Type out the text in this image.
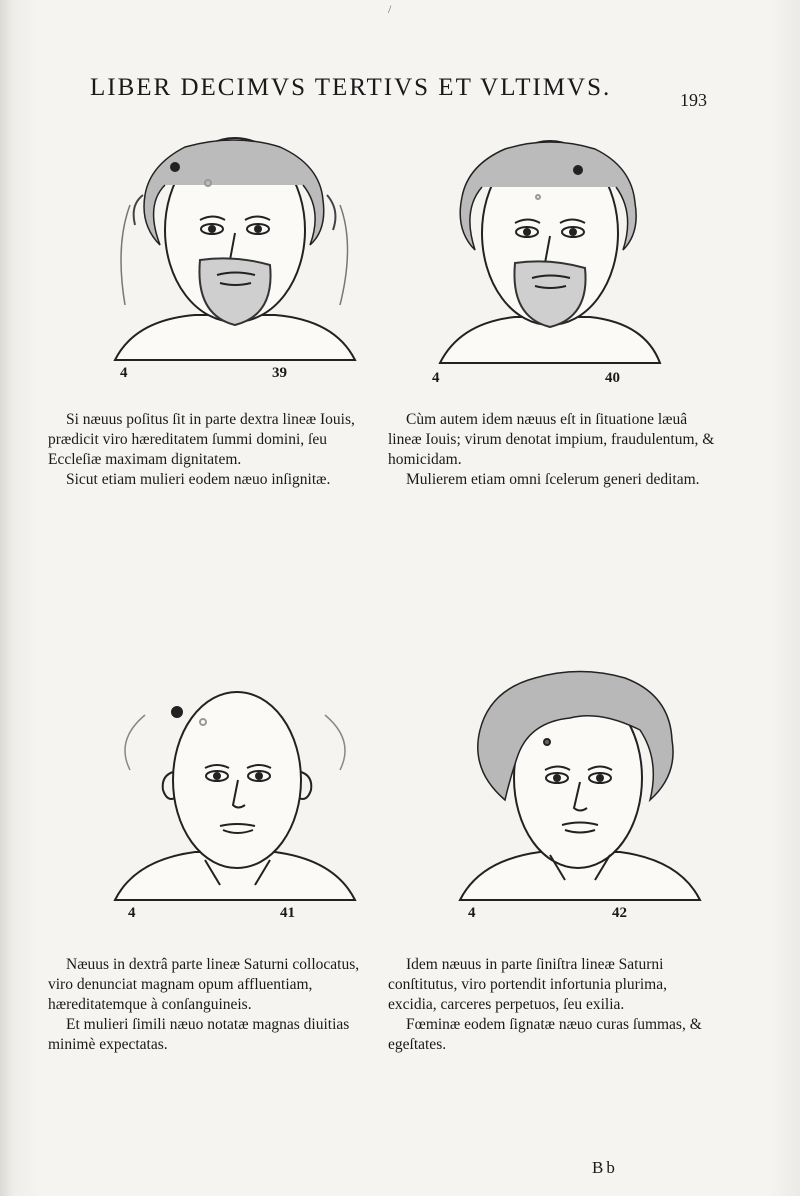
/
LIBER DECIMVS TERTIVS ET VLTIMVS.	193
4	39	4	40

Si næuus poſitus ſit in parte dextra lineæ Iouis, prædicit viro hæreditatem ſummi domini, ſeu Eccleſiæ maximam dignitatem.

Sicut etiam mulieri eodem næuo inſignitæ.

Cùm autem idem næuus eſt in ſituatione læuâ lineæ Iouis; virum denotat impium, fraudulentum, & homicidam.

Mulierem etiam omni ſcelerum generi deditam.

4	41	4	42

Næuus in dextrâ parte lineæ Saturni collocatus, viro denunciat magnam opum affluentiam, hæreditatemque à conſanguineis.

Et mulieri ſimili næuo notatæ magnas diuitias minimè expectatas.

Idem næuus in parte ſiniſtra lineæ Saturni conſtitutus, viro portendit infortunia plurima, excidia, carceres perpetuos, ſeu exilia.

Fœminæ eodem ſignatæ næuo curas ſummas, & egeſtates.

Bb
